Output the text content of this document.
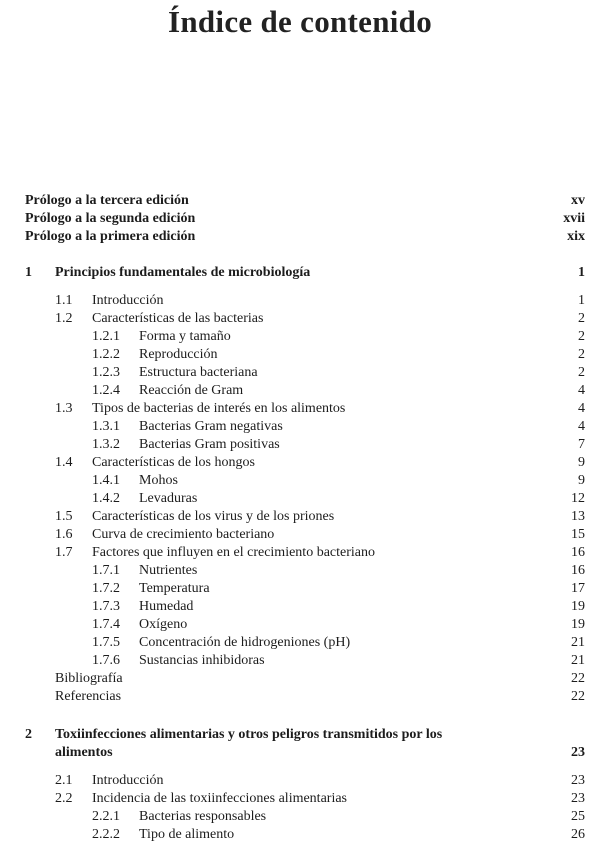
Índice de contenido
Prólogo a la tercera edición	xv
Prólogo a la segunda edición	xvii
Prólogo a la primera edición	xix
1 Principios fundamentales de microbiología	1
1.1 Introducción	1
1.2 Características de las bacterias	2
1.2.1 Forma y tamaño	2
1.2.2 Reproducción	2
1.2.3 Estructura bacteriana	2
1.2.4 Reacción de Gram	4
1.3 Tipos de bacterias de interés en los alimentos	4
1.3.1 Bacterias Gram negativas	4
1.3.2 Bacterias Gram positivas	7
1.4 Características de los hongos	9
1.4.1 Mohos	9
1.4.2 Levaduras	12
1.5 Características de los virus y de los priones	13
1.6 Curva de crecimiento bacteriano	15
1.7 Factores que influyen en el crecimiento bacteriano	16
1.7.1 Nutrientes	16
1.7.2 Temperatura	17
1.7.3 Humedad	19
1.7.4 Oxígeno	19
1.7.5 Concentración de hidrogeniones (pH)	21
1.7.6 Sustancias inhibidoras	21
Bibliografía	22
Referencias	22
2 Toxiinfecciones alimentarias y otros peligros transmitidos por los alimentos	23
2.1 Introducción	23
2.2 Incidencia de las toxiinfecciones alimentarias	23
2.2.1 Bacterias responsables	25
2.2.2 Tipo de alimento	26
